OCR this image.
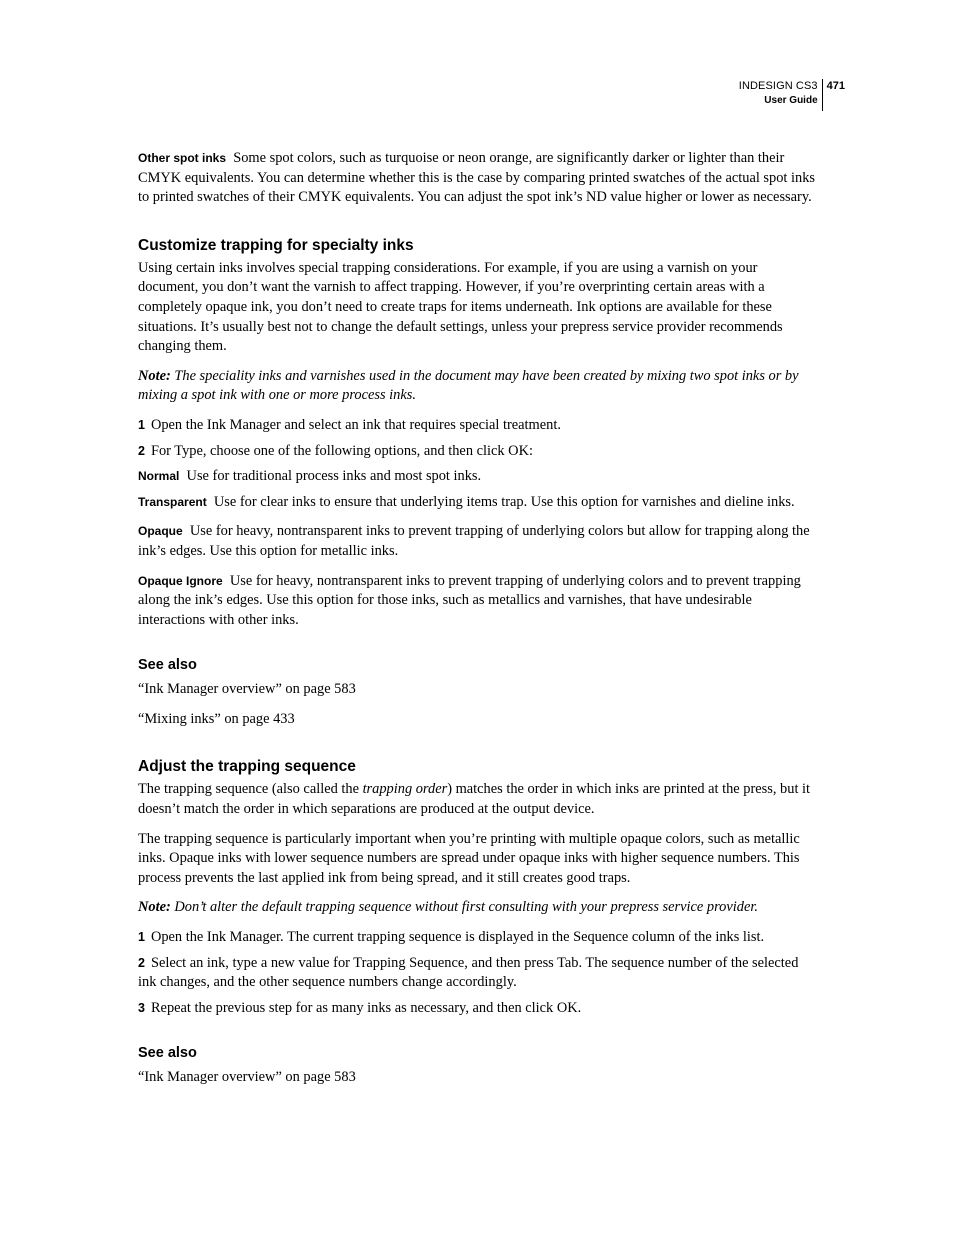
INDESIGN CS3
User Guide
471

Other spot inks Some spot colors, such as turquoise or neon orange, are significantly darker or lighter than their CMYK equivalents. You can determine whether this is the case by comparing printed swatches of the actual spot inks to printed swatches of their CMYK equivalents. You can adjust the spot ink’s ND value higher or lower as necessary.

Customize trapping for specialty inks

Using certain inks involves special trapping considerations. For example, if you are using a varnish on your document, you don’t want the varnish to affect trapping. However, if you’re overprinting certain areas with a completely opaque ink, you don’t need to create traps for items underneath. Ink options are available for these situations. It’s usually best not to change the default settings, unless your prepress service provider recommends changing them.

Note: The speciality inks and varnishes used in the document may have been created by mixing two spot inks or by mixing a spot ink with one or more process inks.

1 Open the Ink Manager and select an ink that requires special treatment.

2 For Type, choose one of the following options, and then click OK:

Normal Use for traditional process inks and most spot inks.

Transparent Use for clear inks to ensure that underlying items trap. Use this option for varnishes and dieline inks.

Opaque Use for heavy, nontransparent inks to prevent trapping of underlying colors but allow for trapping along the ink’s edges. Use this option for metallic inks.

Opaque Ignore Use for heavy, nontransparent inks to prevent trapping of underlying colors and to prevent trapping along the ink’s edges. Use this option for those inks, such as metallics and varnishes, that have undesirable interactions with other inks.

See also

“Ink Manager overview” on page 583

“Mixing inks” on page 433

Adjust the trapping sequence

The trapping sequence (also called the trapping order) matches the order in which inks are printed at the press, but it doesn’t match the order in which separations are produced at the output device.

The trapping sequence is particularly important when you’re printing with multiple opaque colors, such as metallic inks. Opaque inks with lower sequence numbers are spread under opaque inks with higher sequence numbers. This process prevents the last applied ink from being spread, and it still creates good traps.

Note: Don’t alter the default trapping sequence without first consulting with your prepress service provider.

1 Open the Ink Manager. The current trapping sequence is displayed in the Sequence column of the inks list.

2 Select an ink, type a new value for Trapping Sequence, and then press Tab. The sequence number of the selected ink changes, and the other sequence numbers change accordingly.

3 Repeat the previous step for as many inks as necessary, and then click OK.

See also

“Ink Manager overview” on page 583
